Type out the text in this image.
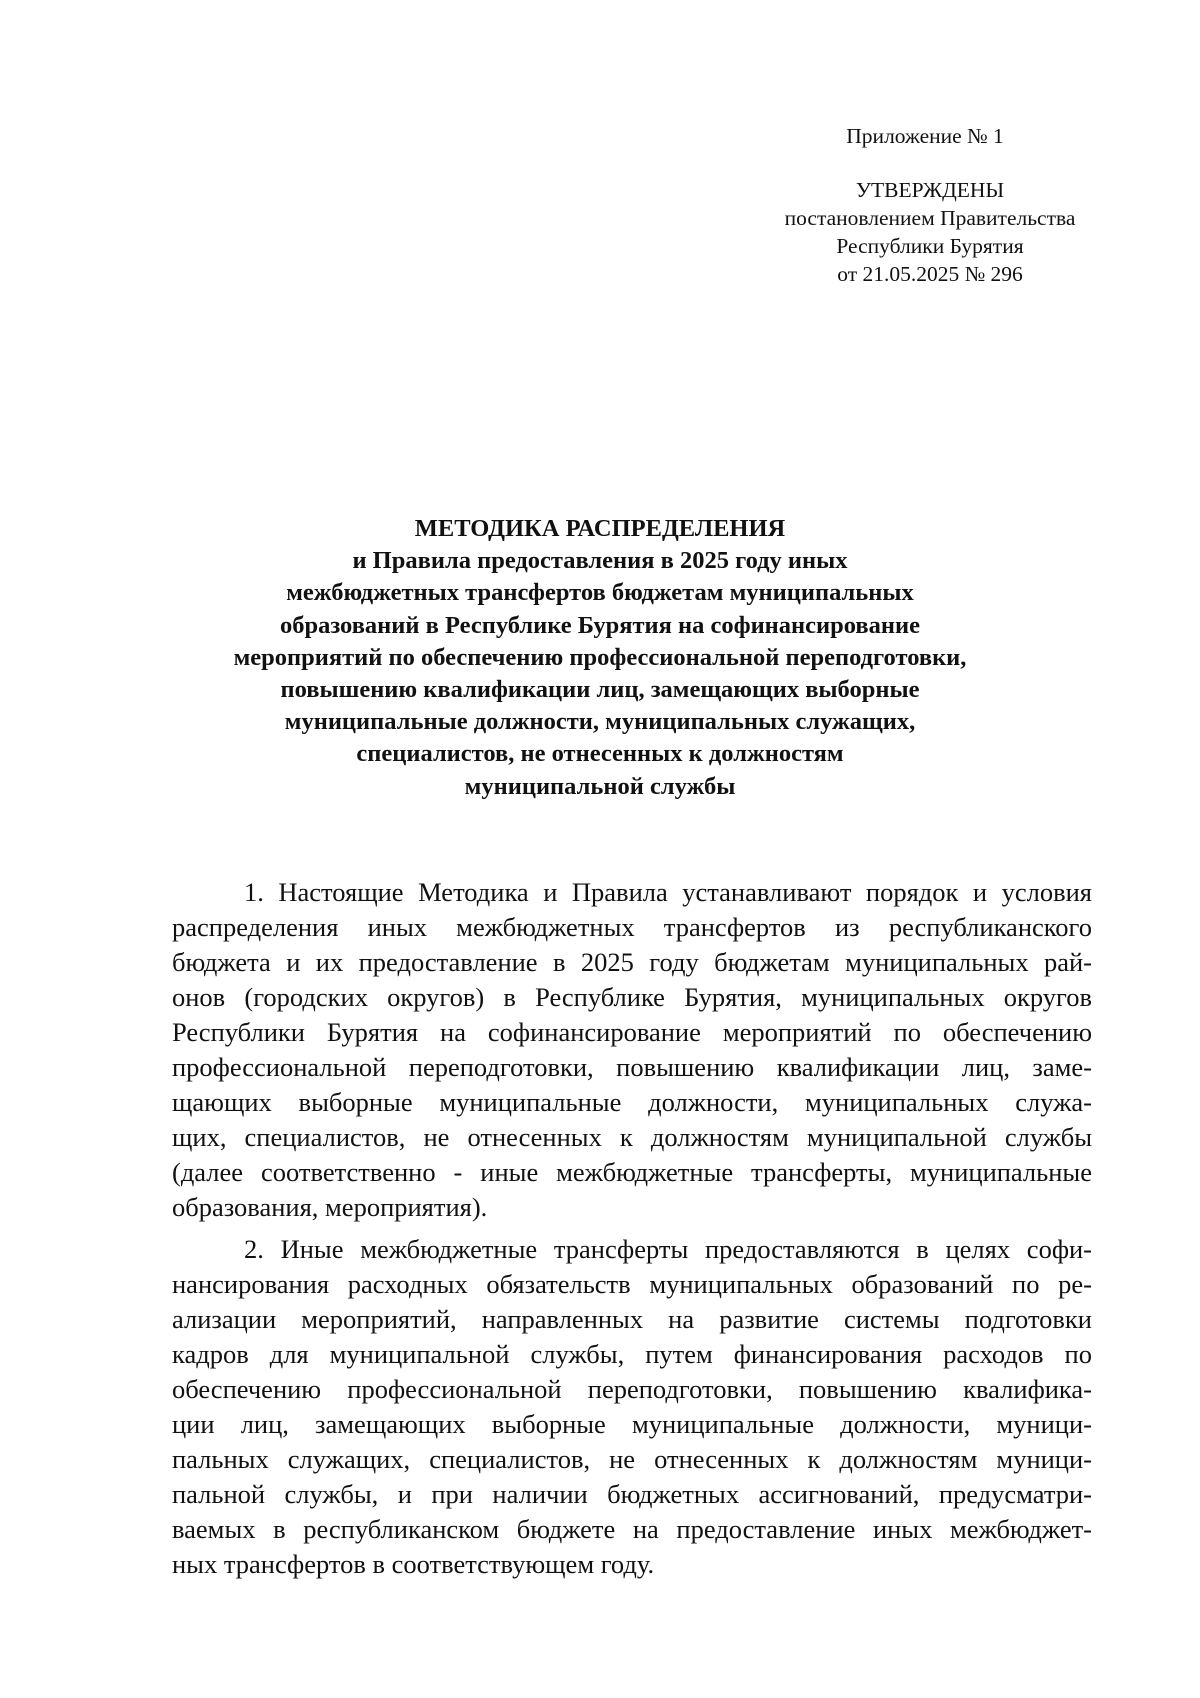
Приложение № 1
УТВЕРЖДЕНЫ
постановлением Правительства
Республики Бурятия
от 21.05.2025 № 296
МЕТОДИКА РАСПРЕДЕЛЕНИЯ
и Правила предоставления в 2025 году иных
межбюджетных трансфертов бюджетам муниципальных
образований в Республике Бурятия на софинансирование
мероприятий по обеспечению профессиональной переподготовки,
повышению квалификации лиц, замещающих выборные
муниципальные должности, муниципальных служащих,
специалистов, не отнесенных к должностям
муниципальной службы
1. Настоящие Методика и Правила устанавливают порядок и условия
распределения иных межбюджетных трансфертов из республиканского
бюджета и их предоставление в 2025 году бюджетам муниципальных рай-
онов (городских округов) в Республике Бурятия, муниципальных округов
Республики Бурятия на софинансирование мероприятий по обеспечению
профессиональной переподготовки, повышению квалификации лиц, заме-
щающих выборные муниципальные должности, муниципальных служа-
щих, специалистов, не отнесенных к должностям муниципальной службы
(далее соответственно - иные межбюджетные трансферты, муниципальные
образования, мероприятия).
2. Иные межбюджетные трансферты предоставляются в целях софи-
нансирования расходных обязательств муниципальных образований по ре-
ализации мероприятий, направленных на развитие системы подготовки
кадров для муниципальной службы, путем финансирования расходов по
обеспечению профессиональной переподготовки, повышению квалифика-
ции лиц, замещающих выборные муниципальные должности, муници-
пальных служащих, специалистов, не отнесенных к должностям муници-
пальной службы, и при наличии бюджетных ассигнований, предусматри-
ваемых в республиканском бюджете на предоставление иных межбюджет-
ных трансфертов в соответствующем году.
